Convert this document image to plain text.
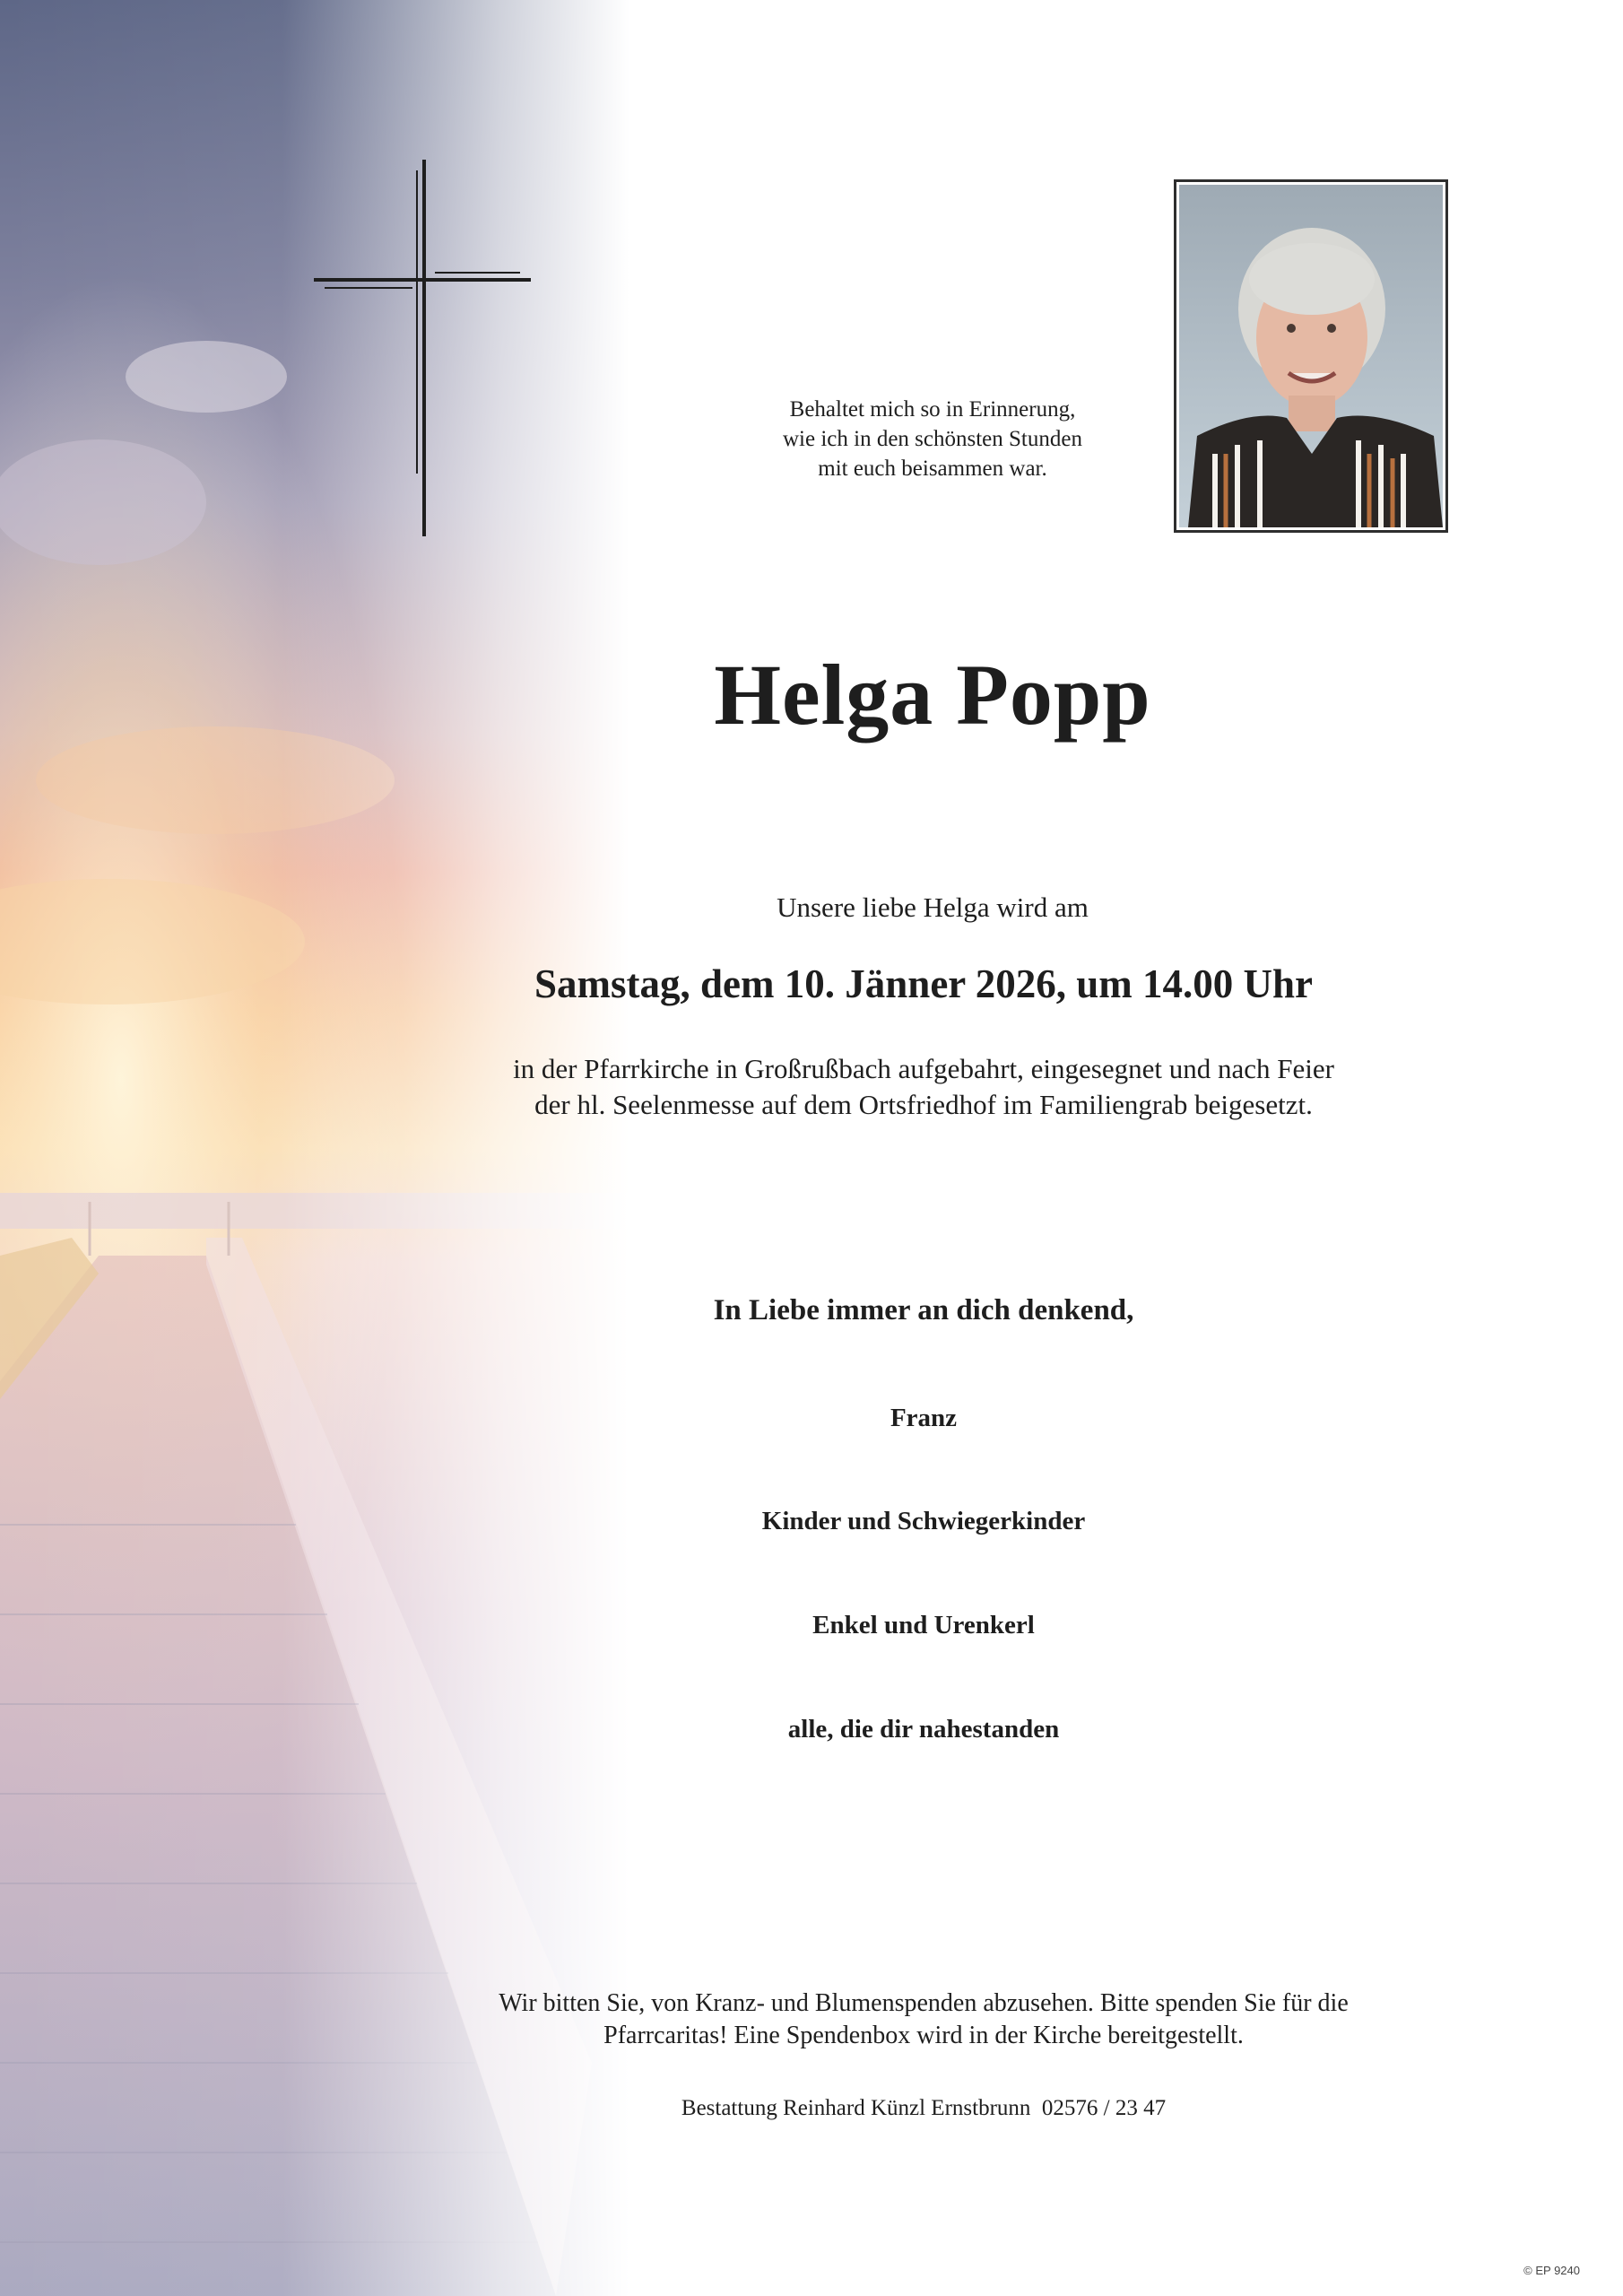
Behaltet mich so in Erinnerung,
wie ich in den schönsten Stunden
mit euch beisammen war.

Helga Popp

Unsere liebe Helga wird am

Samstag, dem 10. Jänner 2026, um 14.00 Uhr

in der Pfarrkirche in Großrußbach aufgebahrt, eingesegnet und nach Feier
der hl. Seelenmesse auf dem Ortsfriedhof im Familiengrab beigesetzt.

In Liebe immer an dich denkend,

Franz

Kinder und Schwiegerkinder

Enkel und Urenkerl

alle, die dir nahestanden

Wir bitten Sie, von Kranz- und Blumenspenden abzusehen. Bitte spenden Sie für die
Pfarrcaritas! Eine Spendenbox wird in der Kirche bereitgestellt.

Bestattung Reinhard Künzl Ernstbrunn  02576 / 23 47

© EP 9240
